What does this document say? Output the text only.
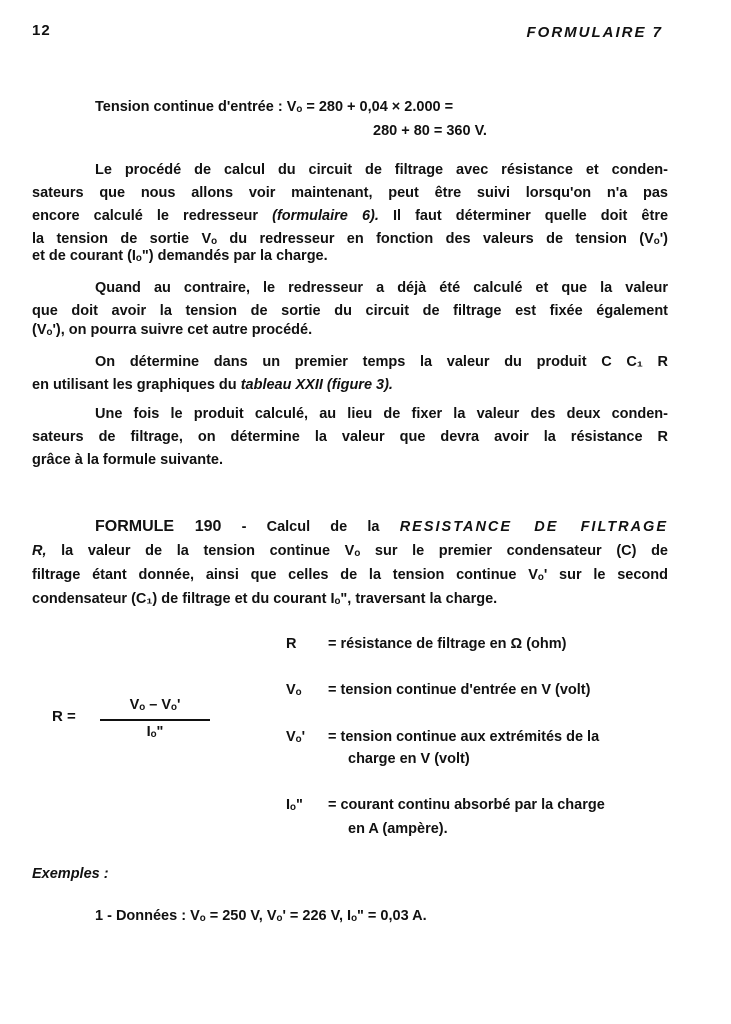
12	FORMULAIRE 7
Tension continue d'entrée : Vₒ = 280 + 0,04 × 2.000 =
280 + 80 = 360 V.
Le procédé de calcul du circuit de filtrage avec résistance et conden-
sateurs que nous allons voir maintenant, peut être suivi lorsqu'on n'a pas
encore calculé le redresseur (formulaire 6). Il faut déterminer quelle doit être
la tension de sortie Vₒ du redresseur en fonction des valeurs de tension (Vₒ')
et de courant (Iₒ") demandés par la charge.
Quand au contraire, le redresseur a déjà été calculé et que la valeur
que doit avoir la tension de sortie du circuit de filtrage est fixée également
(Vₒ'), on pourra suivre cet autre procédé.
On détermine dans un premier temps la valeur du produit C C₁ R
en utilisant les graphiques du tableau XXII (figure 3).
Une fois le produit calculé, au lieu de fixer la valeur des deux conden-
sateurs de filtrage, on détermine la valeur que devra avoir la résistance R
grâce à la formule suivante.
FORMULE 190 - Calcul de la RESISTANCE DE FILTRAGE
R, la valeur de la tension continue Vₒ sur le premier condensateur (C) de
filtrage étant donnée, ainsi que celles de la tension continue Vₒ' sur le second
condensateur (C₁) de filtrage et du courant Iₒ", traversant la charge.
R =
Vₒ – Vₒ'
Iₒ"
R = résistance de filtrage en Ω (ohm)
Vₒ = tension continue d'entrée en V (volt)
Vₒ' = tension continue aux extrémités de la
charge en V (volt)
Iₒ" = courant continu absorbé par la charge
en A (ampère).
Exemples :
1 - Données : Vₒ = 250 V, Vₒ' = 226 V, Iₒ" = 0,03 A.
